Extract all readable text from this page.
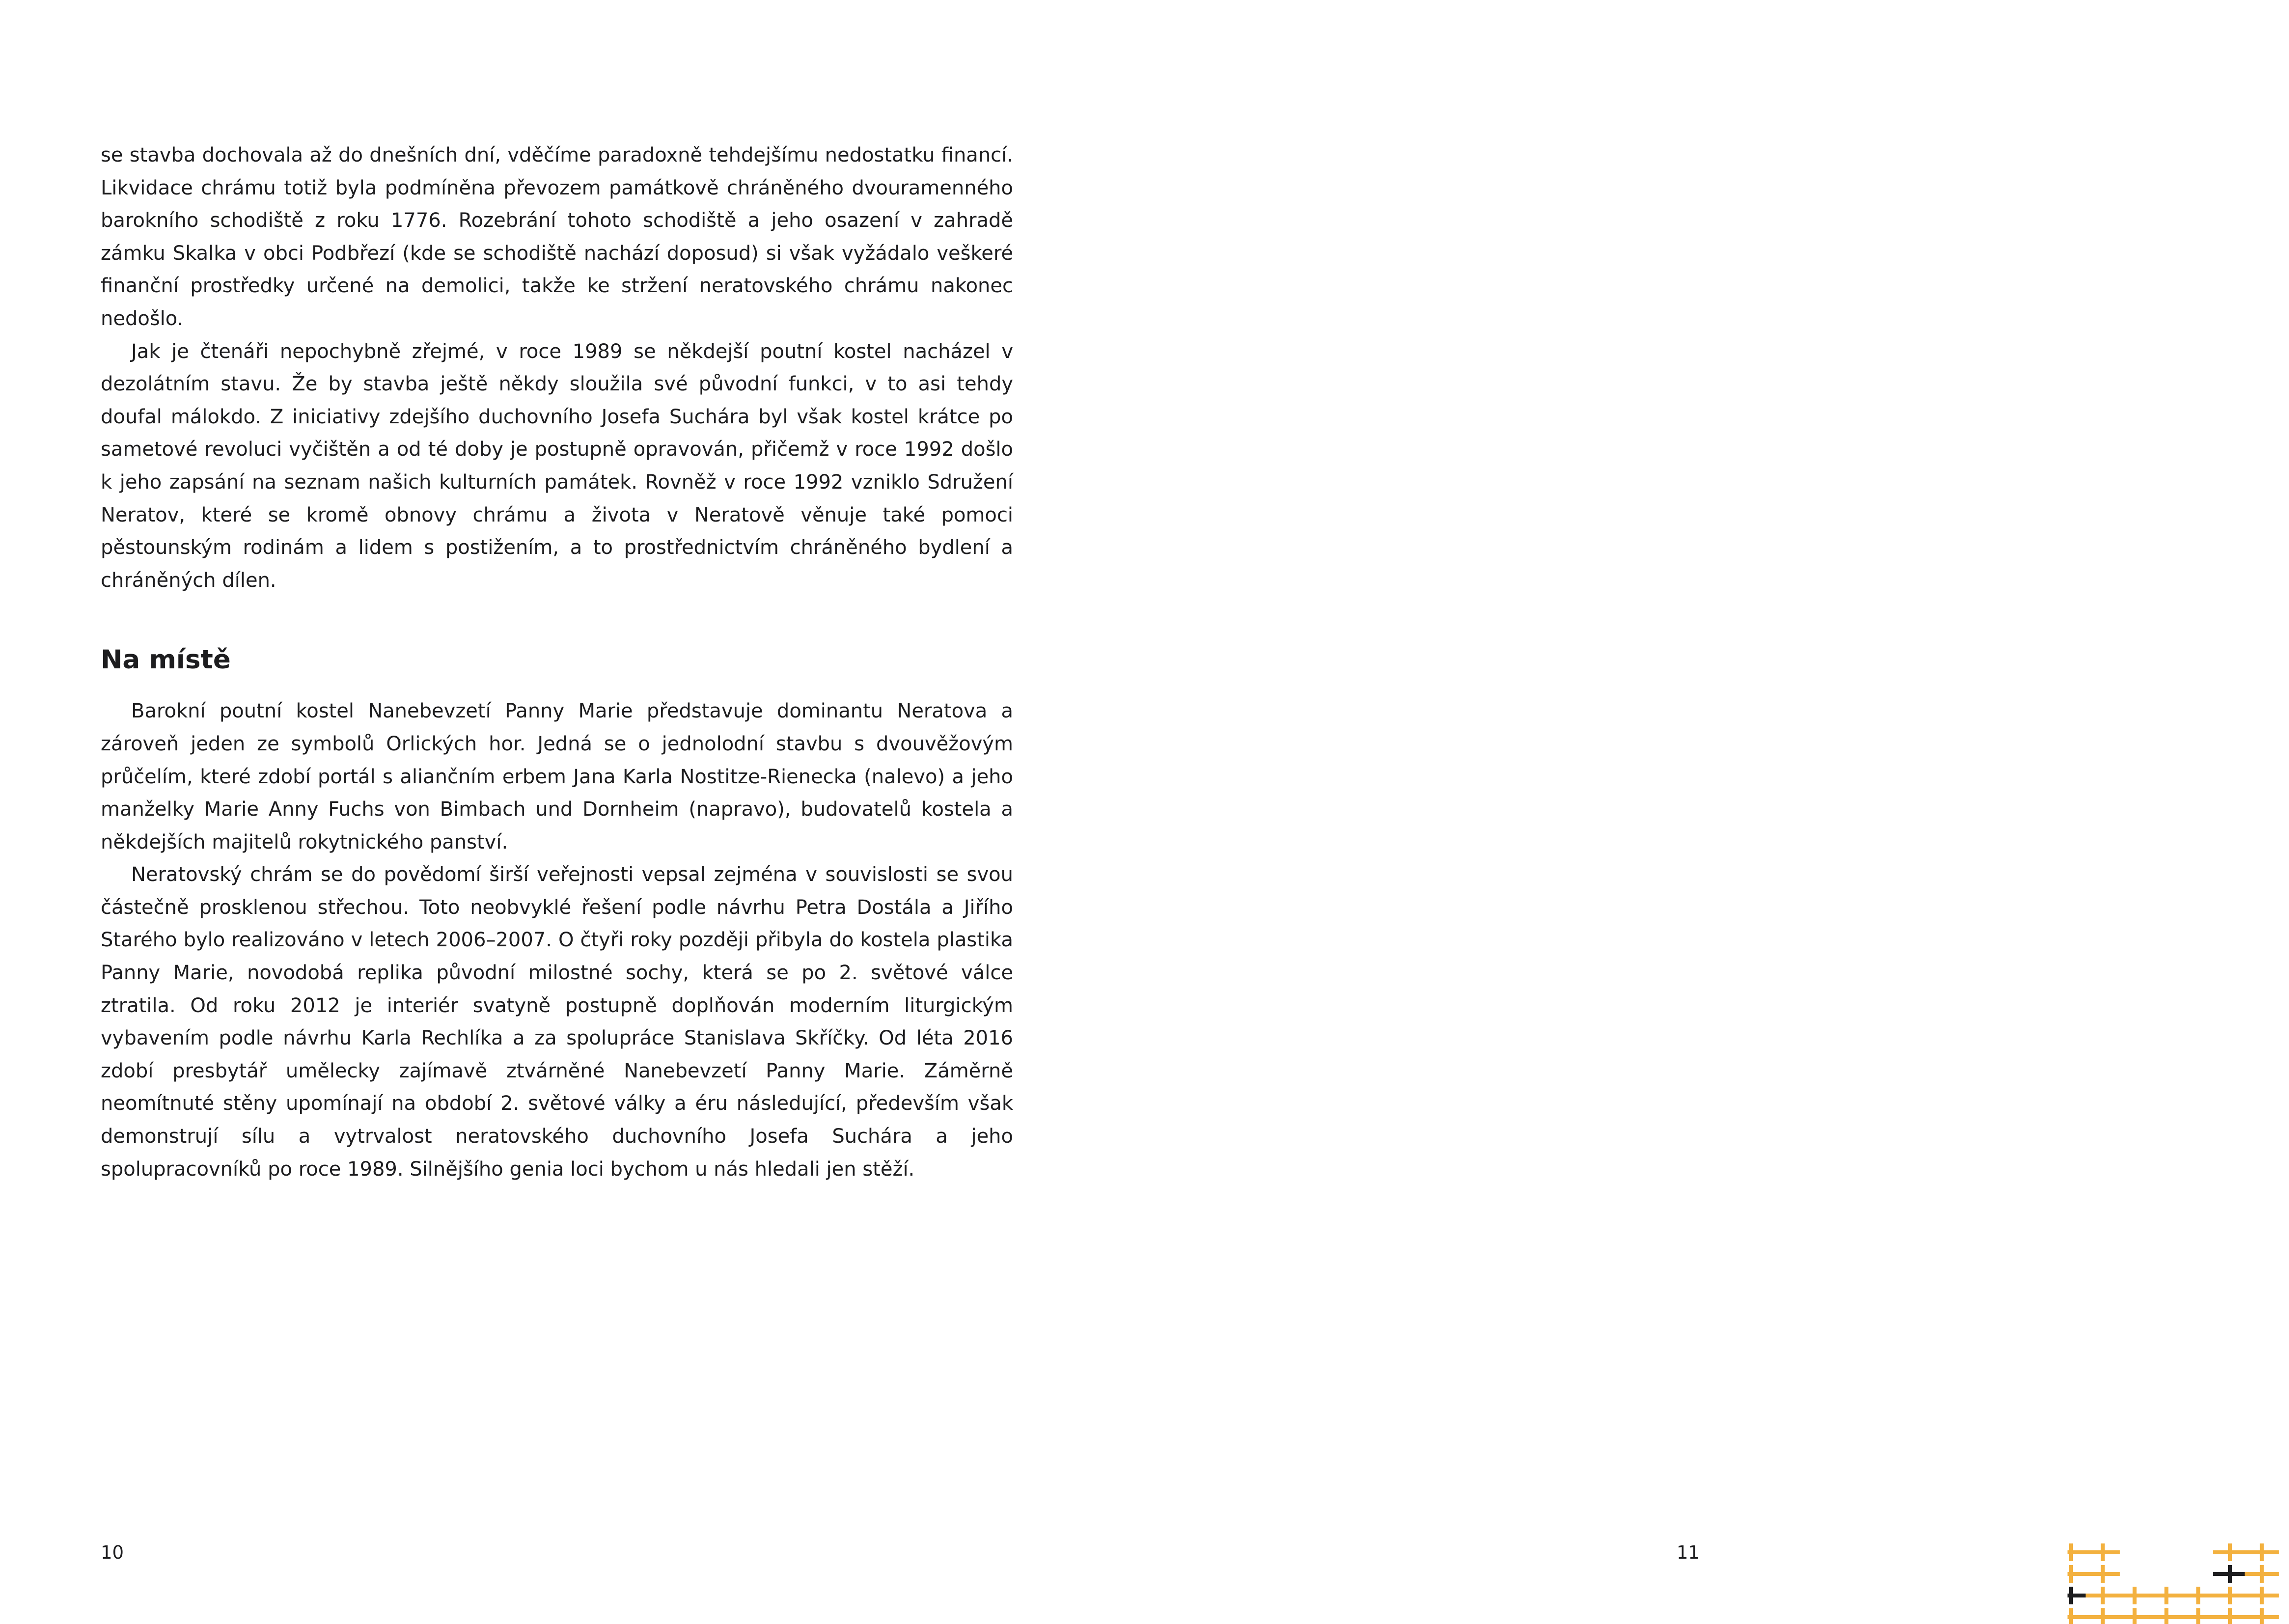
se stavba dochovala až do dnešních dní, vděčíme paradoxně tehdejšímu nedostatku financí. Likvidace chrámu totiž byla podmíněna převozem památkově chráněného dvouramenného barokního schodiště z roku 1776. Rozebrání tohoto schodiště a jeho osazení v zahradě zámku Skalka v obci Podbřezí (kde se schodiště nachází doposud) si však vyžádalo veškeré finanční prostředky určené na demolici, takže ke stržení neratovského chrámu nakonec nedošlo.

Jak je čtenáři nepochybně zřejmé, v roce 1989 se někdejší poutní kostel nacházel v dezolátním stavu. Že by stavba ještě někdy sloužila své původní funkci, v to asi tehdy doufal málokdo. Z iniciativy zdejšího duchovního Josefa Suchára byl však kostel krátce po sametové revoluci vyčištěn a od té doby je postupně opravován, přičemž v roce 1992 došlo k jeho zapsání na seznam našich kulturních památek. Rovněž v roce 1992 vzniklo Sdružení Neratov, které se kromě obnovy chrámu a života v Neratově věnuje také pomoci pěstounským rodinám a lidem s postižením, a to prostřednictvím chráněného bydlení a chráněných dílen.

Na místě

Barokní poutní kostel Nanebevzetí Panny Marie představuje dominantu Neratova a zároveň jeden ze symbolů Orlických hor. Jedná se o jednolodní stavbu s dvouvěžovým průčelím, které zdobí portál s aliančním erbem Jana Karla Nostitze-Rienecka (nalevo) a jeho manželky Marie Anny Fuchs von Bimbach und Dornheim (napravo), budovatelů kostela a někdejších majitelů rokytnického panství.

Neratovský chrám se do povědomí širší veřejnosti vepsal zejména v souvislosti se svou částečně prosklenou střechou. Toto neobvyklé řešení podle návrhu Petra Dostála a Jiřího Starého bylo realizováno v letech 2006–2007. O čtyři roky později přibyla do kostela plastika Panny Marie, novodobá replika původní milostné sochy, která se po 2. světové válce ztratila. Od roku 2012 je interiér svatyně postupně doplňován moderním liturgickým vybavením podle návrhu Karla Rechlíka a za spolupráce Stanislava Skříčky. Od léta 2016 zdobí presbytář umělecky zajímavě ztvárněné Nanebevzetí Panny Marie. Záměrně neomítnuté stěny upomínají na období 2. světové války a éru následující, především však demonstrují sílu a vytrvalost neratovského duchovního Josefa Suchára a jeho spolupracovníků po roce 1989. Silnějšího genia loci bychom u nás hledali jen stěží.

10	11
